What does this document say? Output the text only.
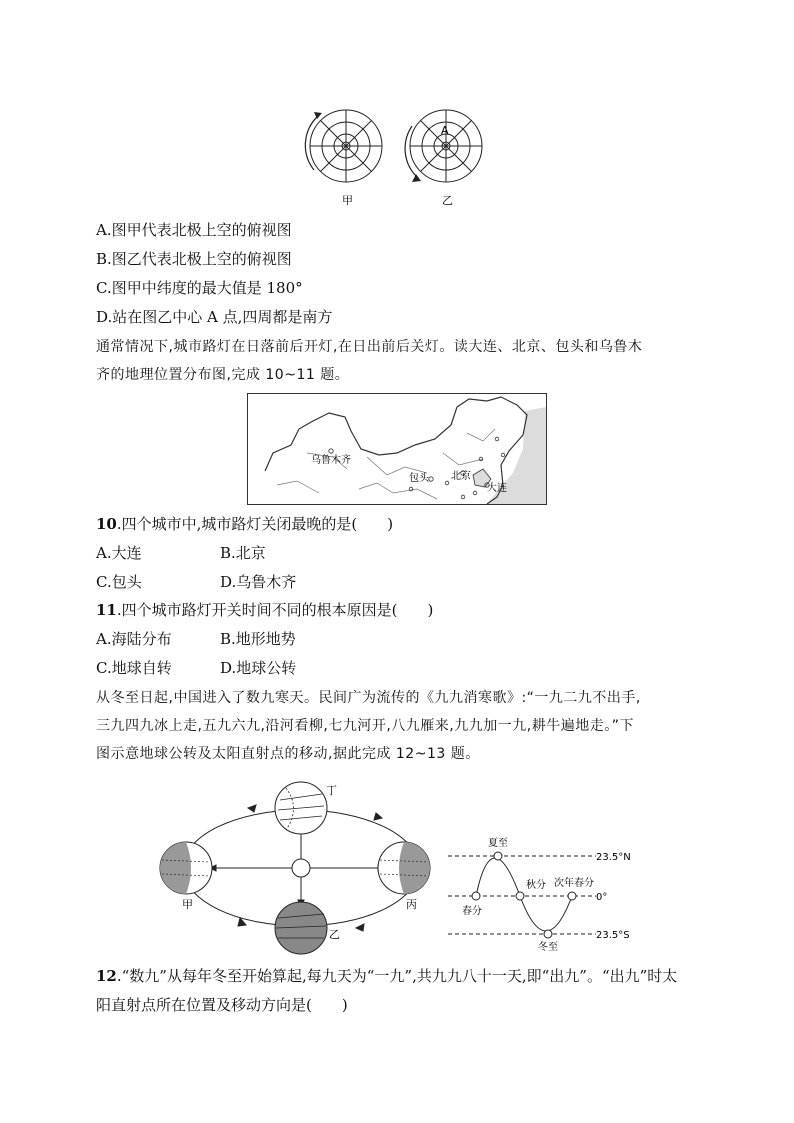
A
甲	乙
A.图甲代表北极上空的俯视图
B.图乙代表北极上空的俯视图
C.图甲中纬度的最大值是 180°
D.站在图乙中心 A 点,四周都是南方
通常情况下,城市路灯在日落前后开灯,在日出前后关灯。读大连、北京、包头和乌鲁木
齐的地理位置分布图,完成 10~11 题。
乌鲁木齐
包头 北京
大连
10.四个城市中,城市路灯关闭最晚的是(　　)
A.大连	B.北京
C.包头	D.乌鲁木齐
11.四个城市路灯开关时间不同的根本原因是(　　)
A.海陆分布	B.地形地势
C.地球自转	D.地球公转
从冬至日起,中国进入了数九寒天。民间广为流传的《九九消寒歌》:“一九二九不出手,
三九四九冰上走,五九六九,沿河看柳,七九河开,八九雁来,九九加一九,耕牛遍地走。”下
图示意地球公转及太阳直射点的移动,据此完成 12~13 题。
丁
甲	丙
乙
夏至
秋分 次年春分
春分
冬至
23.5°N
0°
23.5°S
12.“数九”从每年冬至开始算起,每九天为“一九”,共九九八十一天,即“出九”。“出九”时太
阳直射点所在位置及移动方向是(　　)
